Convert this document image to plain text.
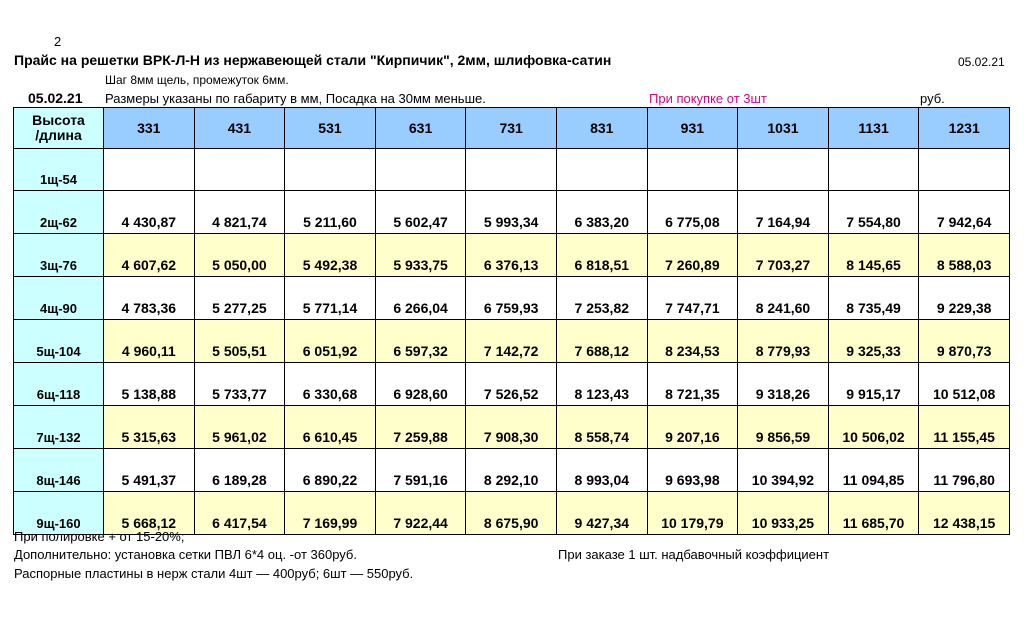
2
Прайс на решетки ВРК-Л-Н из нержавеющей стали "Кирпичик", 2мм, шлифовка-сатин	05.02.21
Шаг 8мм щель, промежуток 6мм.
05.02.21 Размеры указаны по габариту в мм, Посадка на 30мм меньше.	При покупке от 3шт	руб.
Высота
/длина	331	431	531	631	731	831	931	1031	1131	1231
1щ-54										
2щ-62	4 430,87	4 821,74	5 211,60	5 602,47	5 993,34	6 383,20	6 775,08	7 164,94	7 554,80	7 942,64
3щ-76	4 607,62	5 050,00	5 492,38	5 933,75	6 376,13	6 818,51	7 260,89	7 703,27	8 145,65	8 588,03
4щ-90	4 783,36	5 277,25	5 771,14	6 266,04	6 759,93	7 253,82	7 747,71	8 241,60	8 735,49	9 229,38
5щ-104	4 960,11	5 505,51	6 051,92	6 597,32	7 142,72	7 688,12	8 234,53	8 779,93	9 325,33	9 870,73
6щ-118	5 138,88	5 733,77	6 330,68	6 928,60	7 526,52	8 123,43	8 721,35	9 318,26	9 915,17	10 512,08
7щ-132	5 315,63	5 961,02	6 610,45	7 259,88	7 908,30	8 558,74	9 207,16	9 856,59	10 506,02	11 155,45
8щ-146	5 491,37	6 189,28	6 890,22	7 591,16	8 292,10	8 993,04	9 693,98	10 394,92	11 094,85	11 796,80
9щ-160	5 668,12	6 417,54	7 169,99	7 922,44	8 675,90	9 427,34	10 179,79	10 933,25	11 685,70	12 438,15
При полировке + от 15-20%;
Дополнительно: установка сетки ПВЛ 6*4 оц. -от 360руб.
Распорные пластины в нерж стали 4шт — 400руб; 6шт — 550руб.
При заказе 1 шт. надбавочный коэффициент
